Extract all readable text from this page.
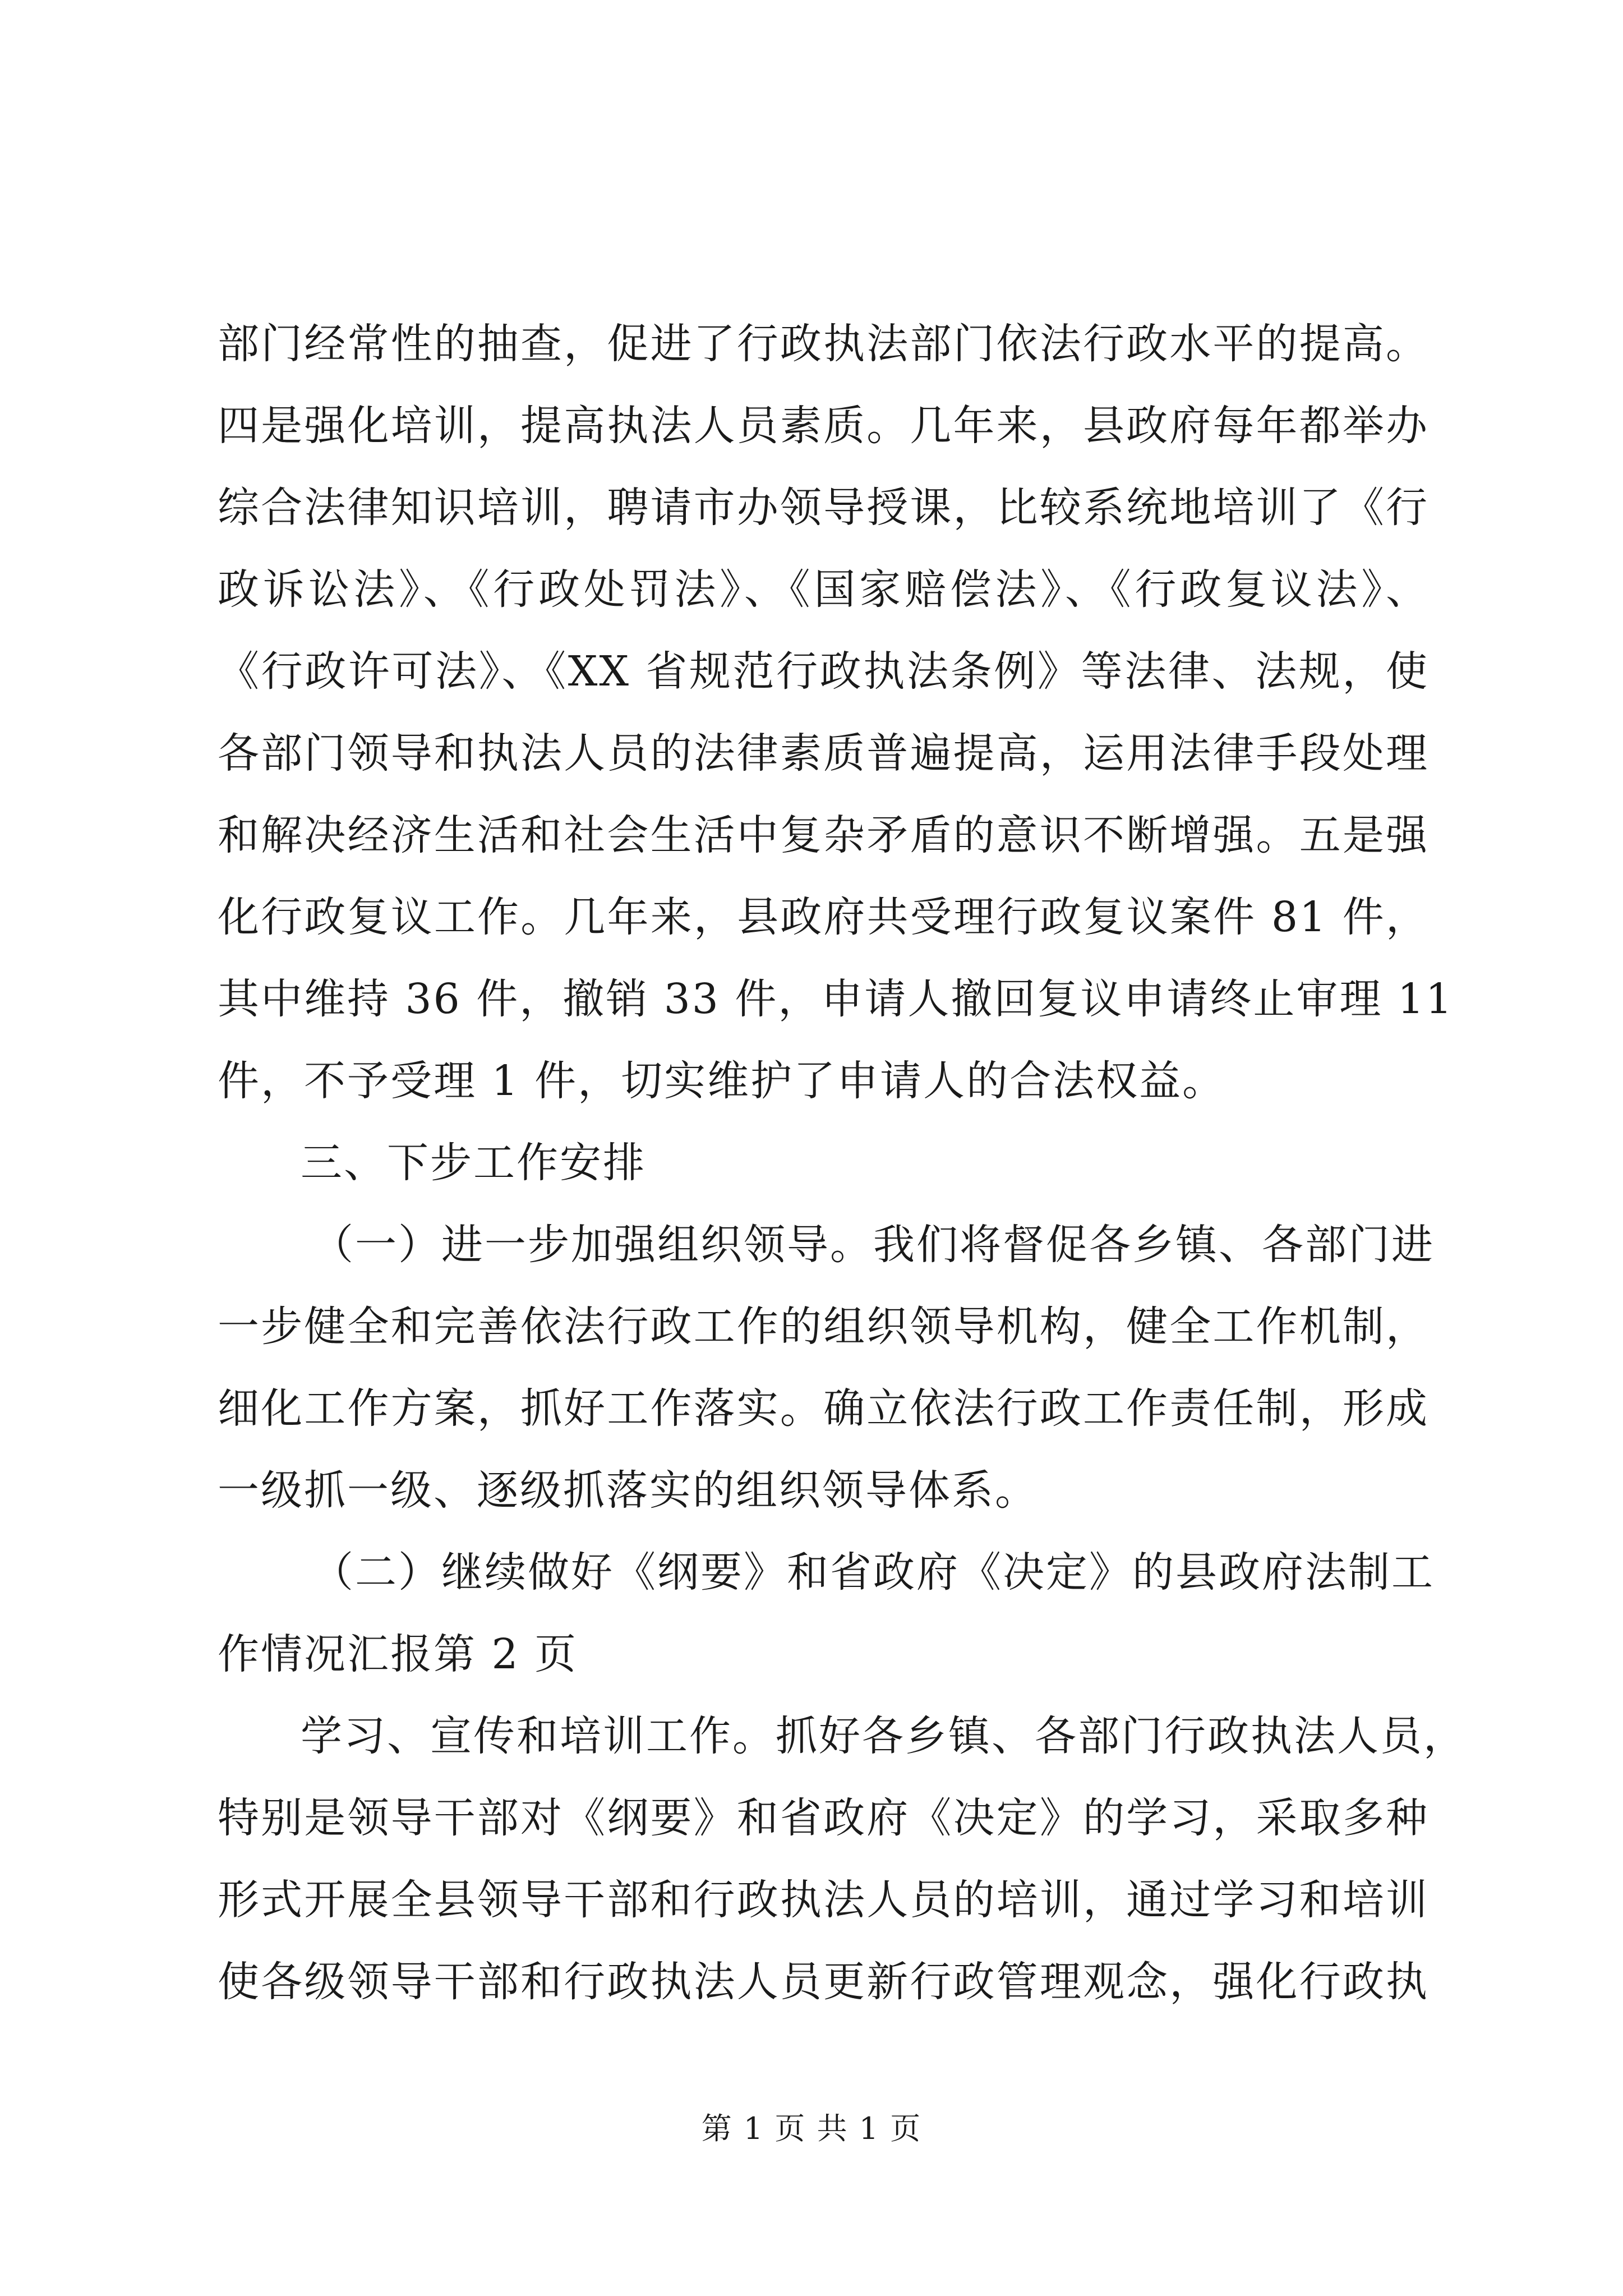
部门经常性的抽查，促进了行政执法部门依法行政水平的提高。
四是强化培训，提高执法人员素质。几年来，县政府每年都举办
综合法律知识培训，聘请市办领导授课，比较系统地培训了《行
政诉讼法》、《行政处罚法》、《国家赔偿法》、《行政复议法》、
《行政许可法》、《XX 省规范行政执法条例》等法律、法规，使
各部门领导和执法人员的法律素质普遍提高，运用法律手段处理
和解决经济生活和社会生活中复杂矛盾的意识不断增强。五是强
化行政复议工作。几年来，县政府共受理行政复议案件 81 件，
其中维持 36 件，撤销 33 件，申请人撤回复议申请终止审理 11
件，不予受理 1 件，切实维护了申请人的合法权益。
三、下步工作安排
（一）进一步加强组织领导。我们将督促各乡镇、各部门进
一步健全和完善依法行政工作的组织领导机构，健全工作机制，
细化工作方案，抓好工作落实。确立依法行政工作责任制，形成
一级抓一级、逐级抓落实的组织领导体系。
（二）继续做好《纲要》和省政府《决定》的县政府法制工
作情况汇报第 2 页
学习、宣传和培训工作。抓好各乡镇、各部门行政执法人员，
特别是领导干部对《纲要》和省政府《决定》的学习，采取多种
形式开展全县领导干部和行政执法人员的培训，通过学习和培训
使各级领导干部和行政执法人员更新行政管理观念，强化行政执
第 1 页 共 1 页
